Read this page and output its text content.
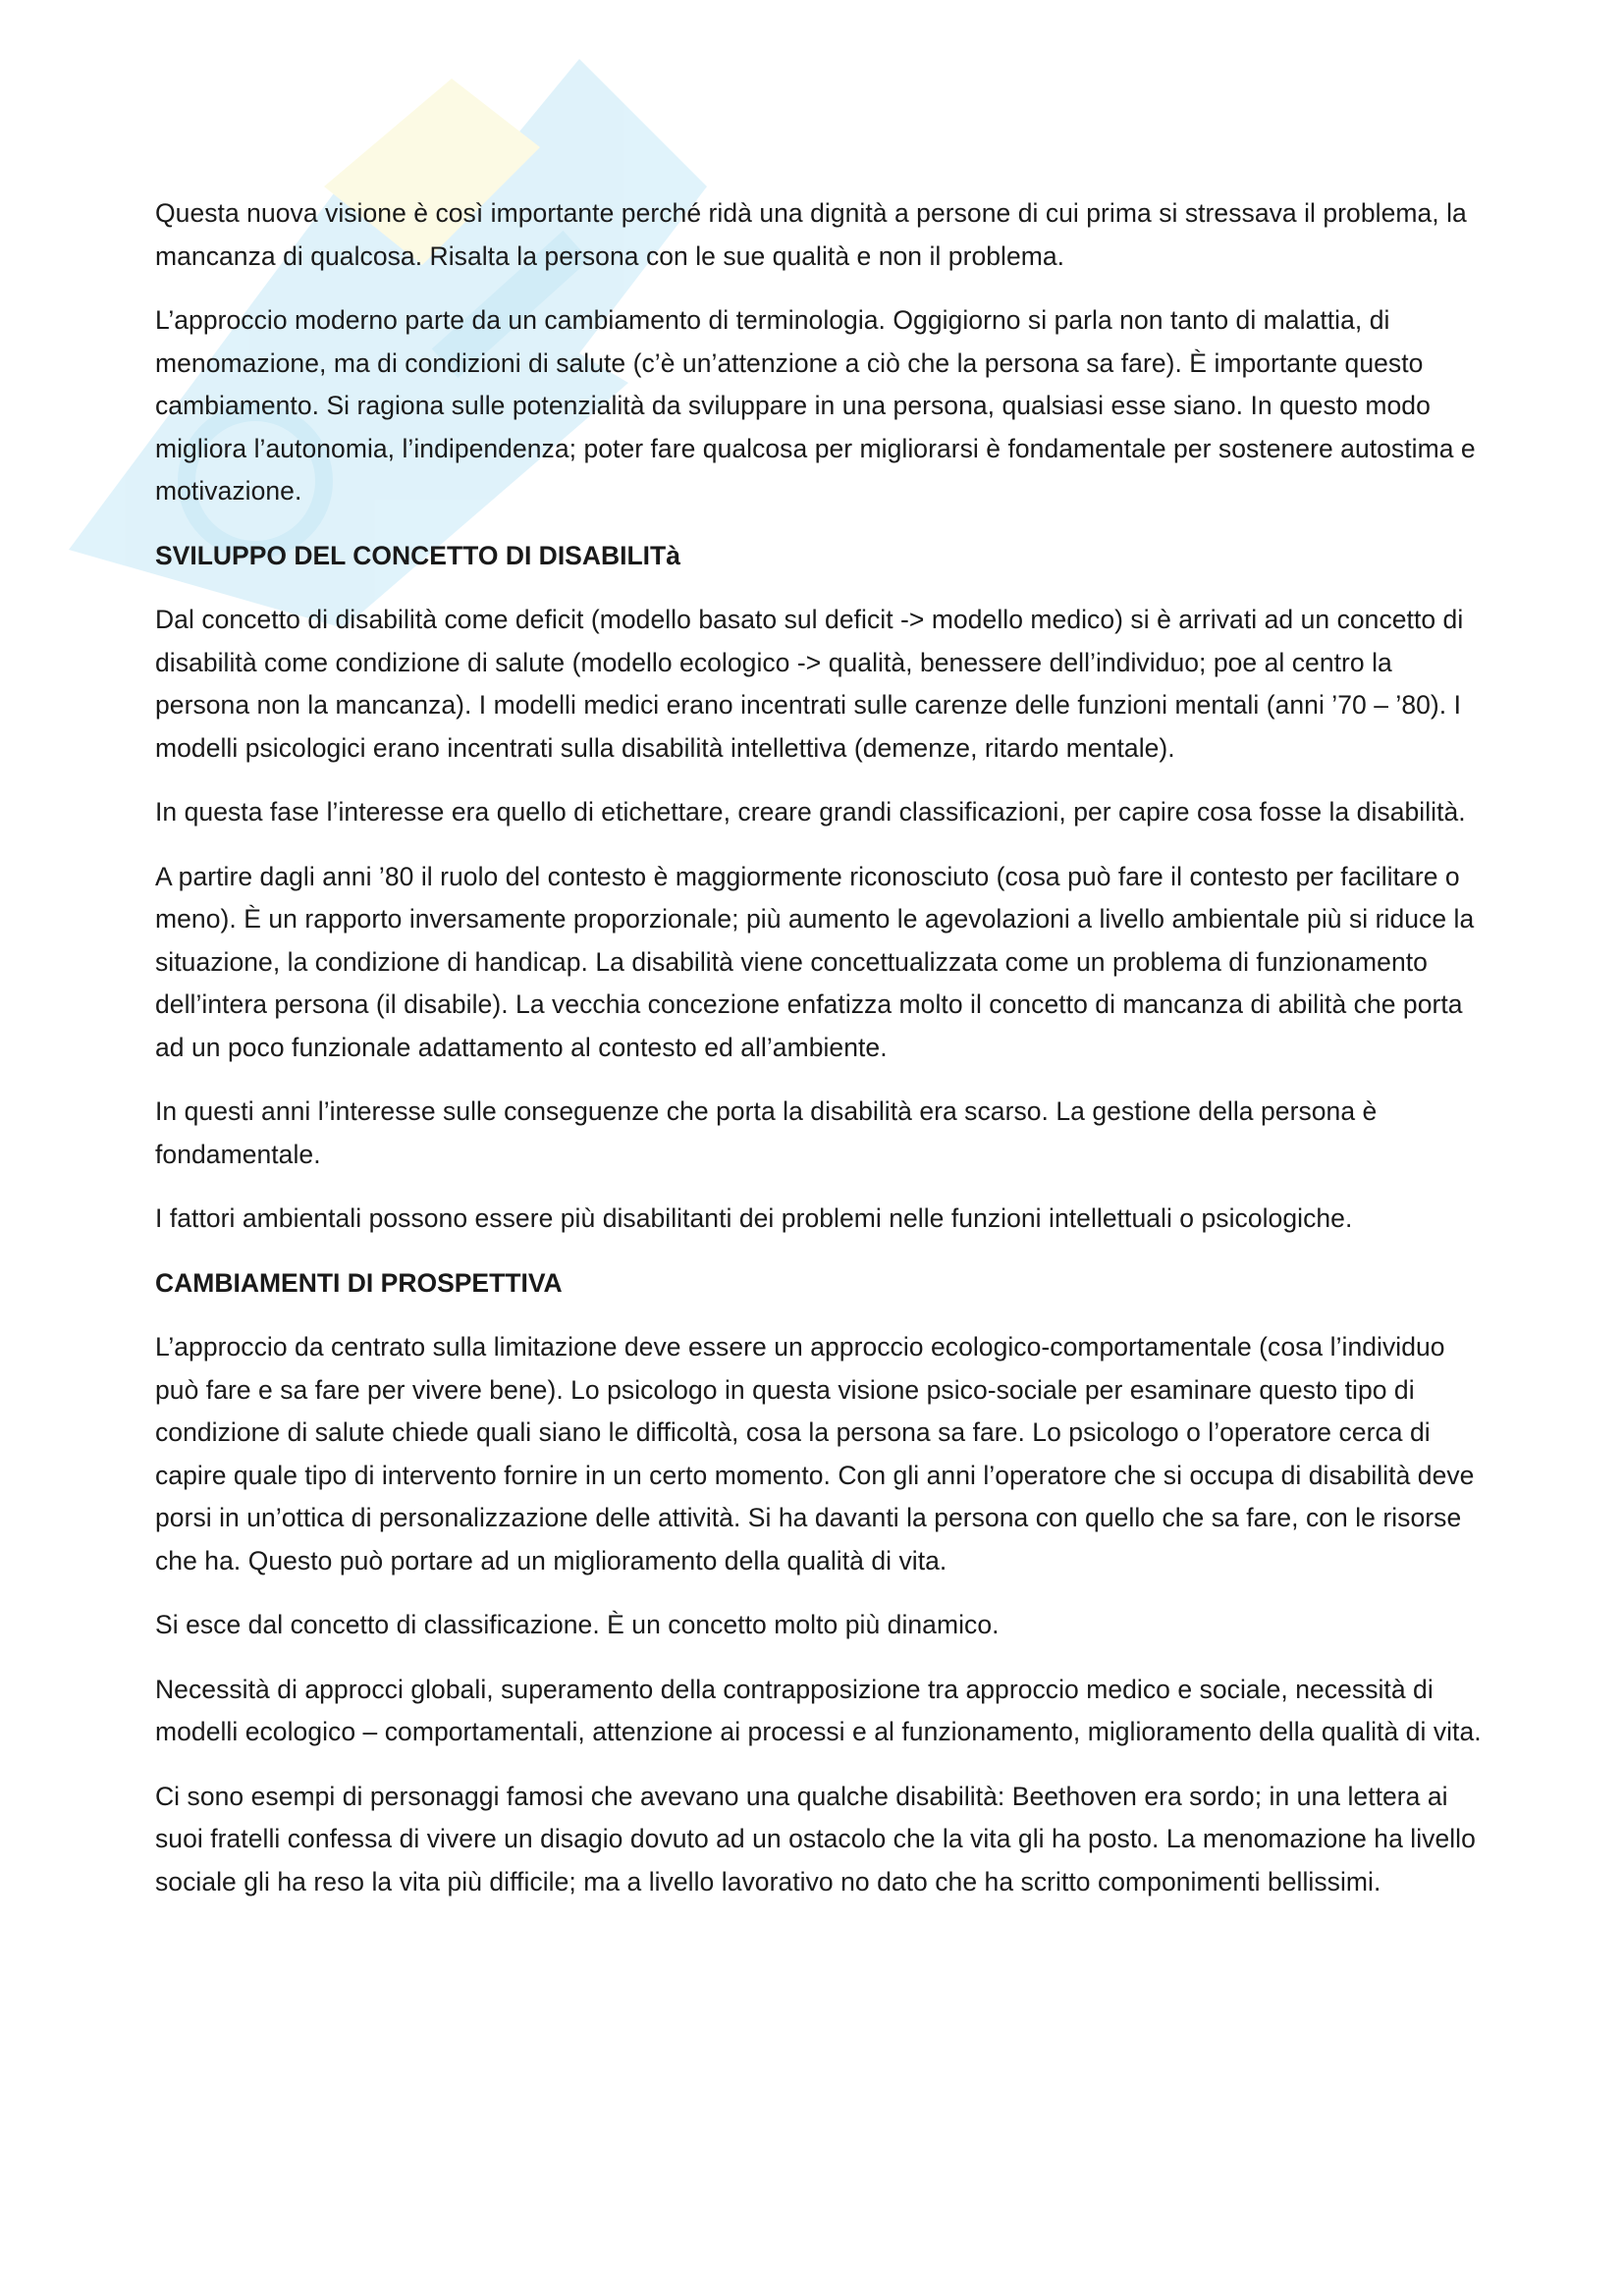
Questa nuova visione è così importante perché ridà una dignità a persone di cui prima si stressava il problema, la mancanza di qualcosa. Risalta la persona con le sue qualità e non il problema.

L’approccio moderno parte da un cambiamento di terminologia. Oggigiorno si parla non tanto di malattia, di menomazione, ma di condizioni di salute (c’è un’attenzione a ciò che la persona sa fare). È importante questo cambiamento. Si ragiona sulle potenzialità da sviluppare in una persona, qualsiasi esse siano. In questo modo migliora l’autonomia, l’indipendenza; poter fare qualcosa per migliorarsi è fondamentale per sostenere autostima e motivazione.

SVILUPPO DEL CONCETTO DI DISABILITà

Dal concetto di disabilità come deficit (modello basato sul deficit -> modello medico) si è arrivati ad un concetto di disabilità come condizione di salute (modello ecologico -> qualità, benessere dell’individuo; poe al centro la persona non la mancanza). I modelli medici erano incentrati sulle carenze delle funzioni mentali (anni ’70 – ’80). I modelli psicologici erano incentrati sulla disabilità intellettiva (demenze, ritardo mentale).

In questa fase l’interesse era quello di etichettare, creare grandi classificazioni, per capire cosa fosse la disabilità.

A partire dagli anni ’80 il ruolo del contesto è maggiormente riconosciuto (cosa può fare il contesto per facilitare o meno). È un rapporto inversamente proporzionale; più aumento le agevolazioni a livello ambientale più si riduce la situazione, la condizione di handicap. La disabilità viene concettualizzata come un problema di funzionamento dell’intera persona (il disabile). La vecchia concezione enfatizza molto il concetto di mancanza di abilità che porta ad un poco funzionale adattamento al contesto ed all’ambiente.

In questi anni l’interesse sulle conseguenze che porta la disabilità era scarso. La gestione della persona è fondamentale.

I fattori ambientali possono essere più disabilitanti dei problemi nelle funzioni intellettuali o psicologiche.

CAMBIAMENTI DI PROSPETTIVA

L’approccio da centrato sulla limitazione deve essere un approccio ecologico-comportamentale (cosa l’individuo può fare e sa fare per vivere bene). Lo psicologo in questa visione psico-sociale per esaminare questo tipo di condizione di salute chiede quali siano le difficoltà, cosa la persona sa fare. Lo psicologo o l’operatore cerca di capire quale tipo di intervento fornire in un certo momento. Con gli anni l’operatore che si occupa di disabilità deve porsi in un’ottica di personalizzazione delle attività. Si ha davanti la persona con quello che sa fare, con le risorse che ha. Questo può portare ad un miglioramento della qualità di vita.

Si esce dal concetto di classificazione. È un concetto molto più dinamico.

Necessità di approcci globali, superamento della contrapposizione tra approccio medico e sociale, necessità di modelli ecologico – comportamentali, attenzione ai processi e al funzionamento, miglioramento della qualità di vita.

Ci sono esempi di personaggi famosi che avevano una qualche disabilità: Beethoven era sordo; in una lettera ai suoi fratelli confessa di vivere un disagio dovuto ad un ostacolo che la vita gli ha posto. La menomazione ha livello sociale gli ha reso la vita più difficile; ma a livello lavorativo no dato che ha scritto componimenti bellissimi.
